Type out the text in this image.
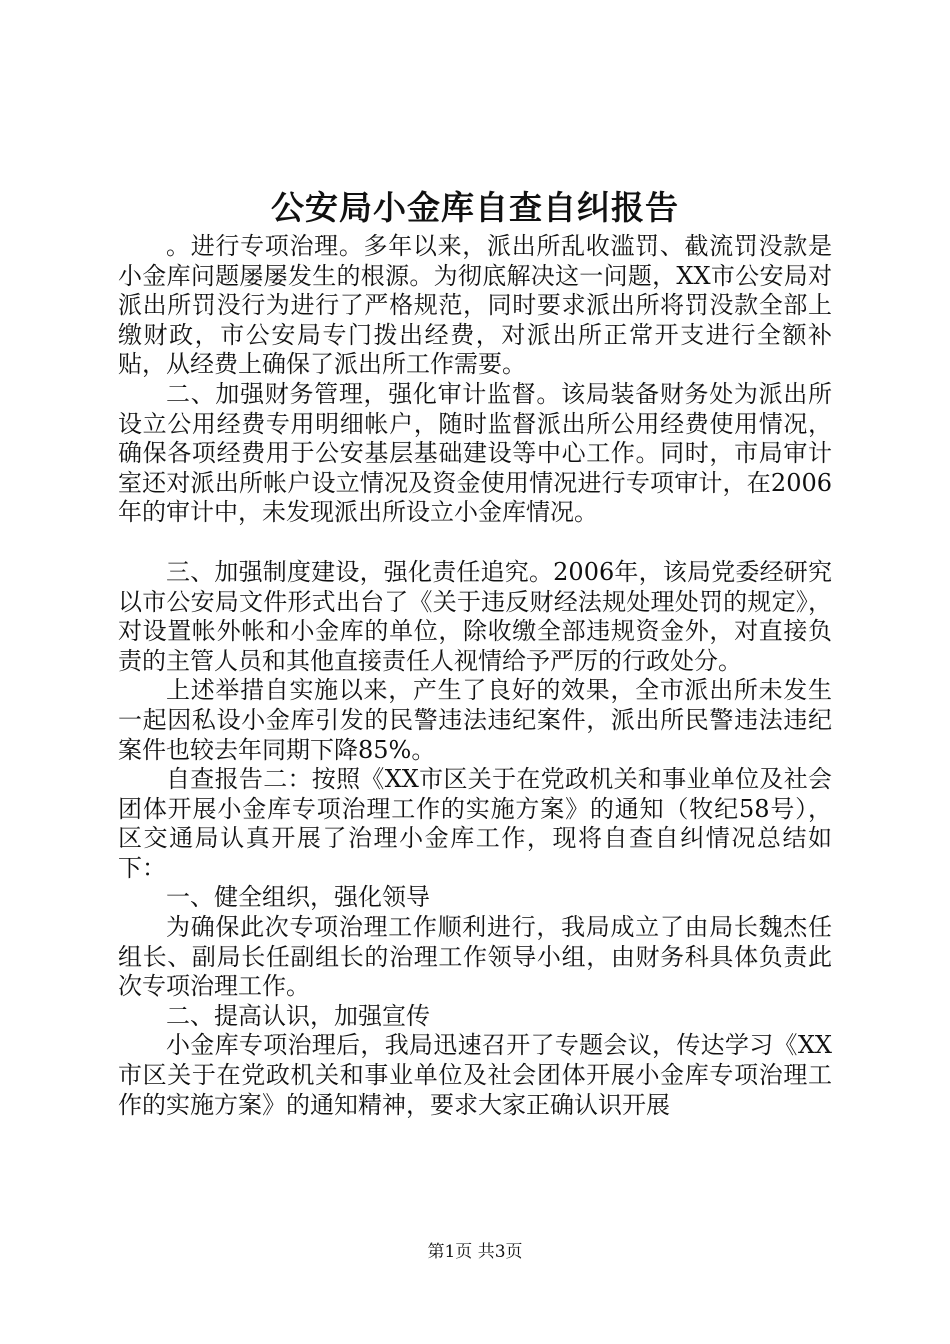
公安局小金库自查自纠报告

。进行专项治理。多年以来，派出所乱收滥罚、截流罚没款是小金库问题屡屡发生的根源。为彻底解决这一问题，XX市公安局对派出所罚没行为进行了严格规范，同时要求派出所将罚没款全部上缴财政，市公安局专门拨出经费，对派出所正常开支进行全额补贴，从经费上确保了派出所工作需要。

二、加强财务管理，强化审计监督。该局装备财务处为派出所设立公用经费专用明细帐户，随时监督派出所公用经费使用情况，确保各项经费用于公安基层基础建设等中心工作。同时，市局审计室还对派出所帐户设立情况及资金使用情况进行专项审计，在2006年的审计中，未发现派出所设立小金库情况。

三、加强制度建设，强化责任追究。2006年，该局党委经研究以市公安局文件形式出台了《关于违反财经法规处理处罚的规定》，对设置帐外帐和小金库的单位，除收缴全部违规资金外，对直接负责的主管人员和其他直接责任人视情给予严厉的行政处分。

上述举措自实施以来，产生了良好的效果，全市派出所未发生一起因私设小金库引发的民警违法违纪案件，派出所民警违法违纪案件也较去年同期下降85%。

自查报告二：按照《XX市区关于在党政机关和事业单位及社会团体开展小金库专项治理工作的实施方案》的通知（牧纪58号），区交通局认真开展了治理小金库工作，现将自查自纠情况总结如下：

一、健全组织，强化领导

为确保此次专项治理工作顺利进行，我局成立了由局长魏杰任组长、副局长任副组长的治理工作领导小组，由财务科具体负责此次专项治理工作。

二、提高认识，加强宣传

小金库专项治理后，我局迅速召开了专题会议，传达学习《XX市区关于在党政机关和事业单位及社会团体开展小金库专项治理工作的实施方案》的通知精神，要求大家正确认识开展

第1页 共3页
